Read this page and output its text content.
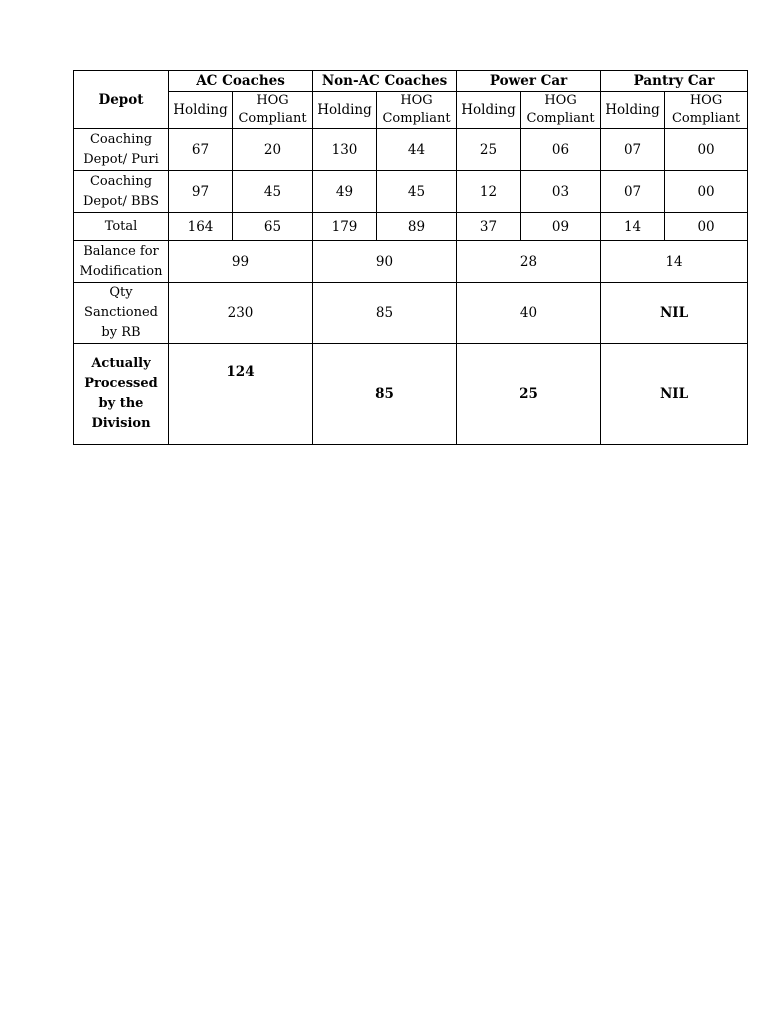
Depot	AC Coaches		Non-AC Coaches		Power Car		Pantry Car	
	Holding	HOG Compliant	Holding	HOG Compliant	Holding	HOG Compliant	Holding	HOG Compliant
Coaching Depot/ Puri	67	20	130	44	25	06	07	00
Coaching Depot/ BBS	97	45	49	45	12	03	07	00
Total	164	65	179	89	37	09	14	00
Balance for Modification	99		90		28		14	
Qty Sanctioned by RB	230		85		40		NIL	
Actually Processed by the Division	124		85		25		NIL	
